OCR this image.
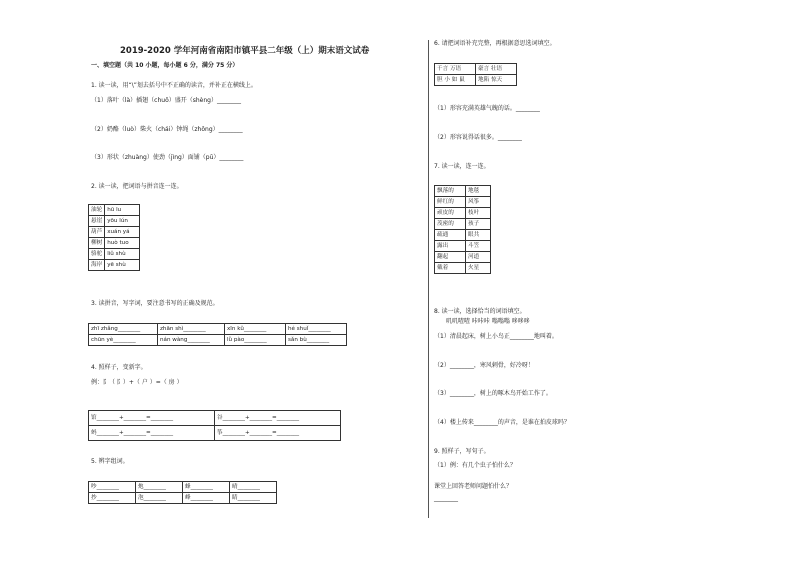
2019-2020 学年河南省南阳市镇平县二年级（上）期末语文试卷
一、填空题（共 10 小题，每小题 6 分，满分 75 分）
1. 读一读，用“\”划去括号中不正确的读音，并补正在横线上。
（1）落叶（là）插翅（chuō）盛开（shèng）________
（2）奶酪（luò）柴火（chái）钟绳（zhōng）________
（3）形状（zhuàng）使劲（jìng）面铺（pū）________
2. 读一读，把词语与拼音连一连。
油轮	hū lu
悬崖	yōu lún
葫芦	xuán yá
柳树	huò tuo
骆驼	liǔ shù
海岸	yē shù
3. 读拼音，写字词，要注意书写的正确及规范。
zhī zhǎng________	zhān shì________	xīn kǔ________	hé shuǐ________
chūn yè________	nán wàng________	lǜ pào________	sǎn bù________
4. 照样子，变新字。
例：阝（ 阝）+（ 户 ）=（ 房 ）
馆________+________=________	谷________+________=________
蚂________+________=________	筝________+________=________
5. 辨字组词。
吵________	炮________	蜂________	晴________
抄________	泡________	峰________	睛________
6. 请把词语补充完整，再根据意思选词填空。
千言 万语	豪言 壮语
胆 小 如 鼠	地陷 惊天
（1）形容充满英雄气魄的话。________
（2）形容说得话很多。________
7. 读一读，连一连。
飘落的	地毯
鲜红的	风筝
顽皮的	枝叶
茂密的	孩子
疏通	眼共
露出	斗笠
翻起	河道
戴着	火星
8. 读一读，选择恰当的词语填空。
叽叽喳喳 咔咔咔 嗡嗡嗡 哆哆哆
（1）清晨起床，树上小鸟正________地叫着。
（2）________，寒风刺骨，好冷呀！
（3）________，树上的啄木鸟开始工作了。
（4）楼上传来________的声音，是谁在拍皮球吗？
9. 照样子，写句子。
（1）例：有几个虫子怕什么？
课堂上回答老师问题怕什么？
________
